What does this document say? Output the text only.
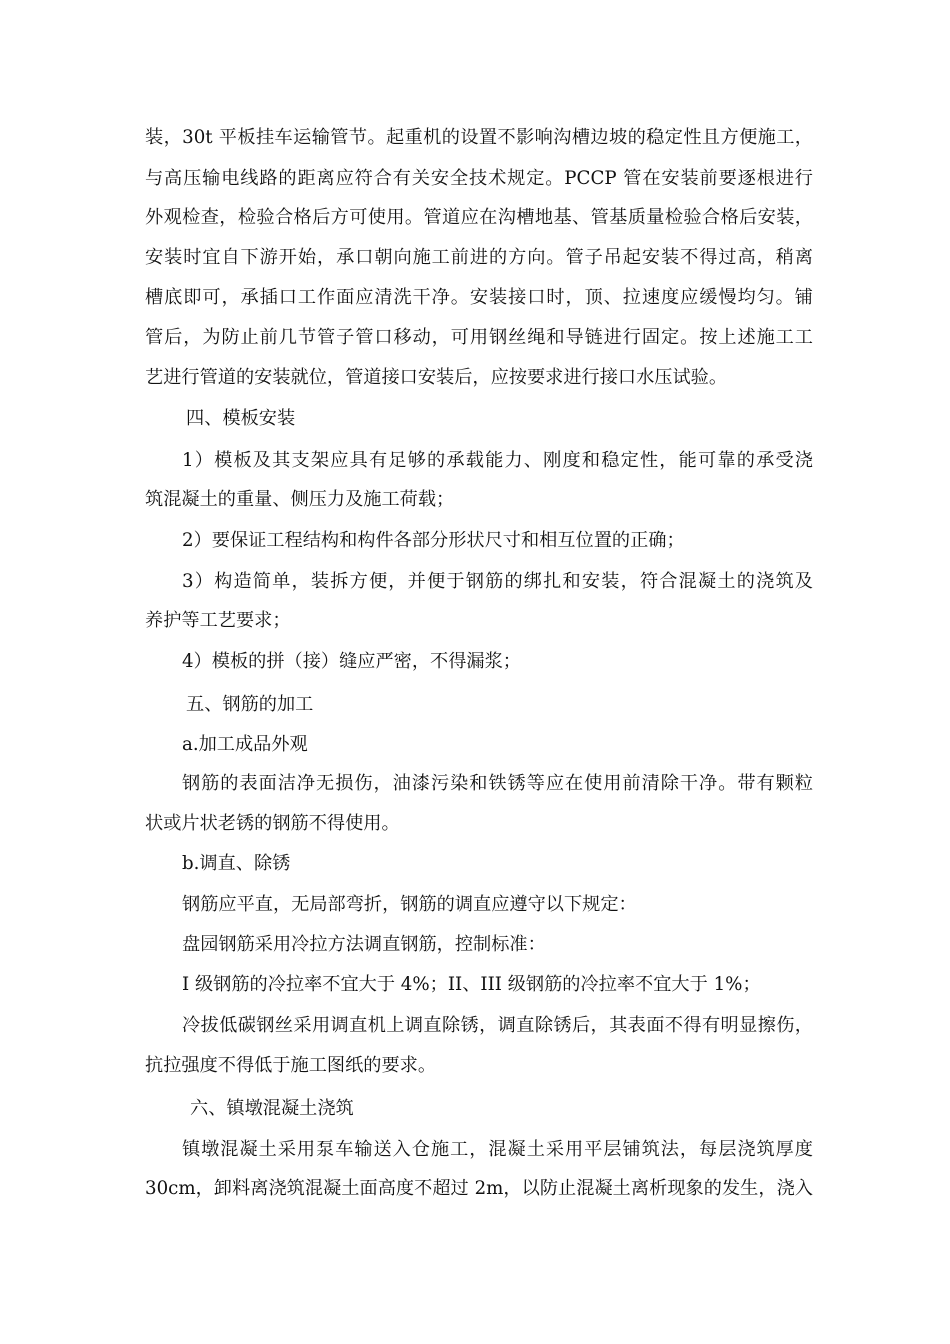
装，30t 平板挂车运输管节。起重机的设置不影响沟槽边坡的稳定性且方便施工，
与高压输电线路的距离应符合有关安全技术规定。PCCP 管在安装前要逐根进行
外观检查，检验合格后方可使用。管道应在沟槽地基、管基质量检验合格后安装，
安装时宜自下游开始，承口朝向施工前进的方向。管子吊起安装不得过高，稍离
槽底即可，承插口工作面应清洗干净。安装接口时，顶、拉速度应缓慢均匀。铺
管后，为防止前几节管子管口移动，可用钢丝绳和导链进行固定。按上述施工工
艺进行管道的安装就位，管道接口安装后，应按要求进行接口水压试验。
四、模板安装
1）模板及其支架应具有足够的承载能力、刚度和稳定性，能可靠的承受浇
筑混凝土的重量、侧压力及施工荷载；
2）要保证工程结构和构件各部分形状尺寸和相互位置的正确；
3）构造简单，装拆方便，并便于钢筋的绑扎和安装，符合混凝土的浇筑及
养护等工艺要求；
4）模板的拼（接）缝应严密，不得漏浆；
五、钢筋的加工
a.加工成品外观
钢筋的表面洁净无损伤，油漆污染和铁锈等应在使用前清除干净。带有颗粒
状或片状老锈的钢筋不得使用。
b.调直、除锈
钢筋应平直，无局部弯折，钢筋的调直应遵守以下规定：
盘园钢筋采用冷拉方法调直钢筋，控制标准：
I 级钢筋的冷拉率不宜大于 4%；II、III 级钢筋的冷拉率不宜大于 1%；
冷拔低碳钢丝采用调直机上调直除锈，调直除锈后，其表面不得有明显擦伤，
抗拉强度不得低于施工图纸的要求。
六、镇墩混凝土浇筑
镇墩混凝土采用泵车输送入仓施工，混凝土采用平层铺筑法，每层浇筑厚度
30cm，卸料离浇筑混凝土面高度不超过 2m，以防止混凝土离析现象的发生，浇入
